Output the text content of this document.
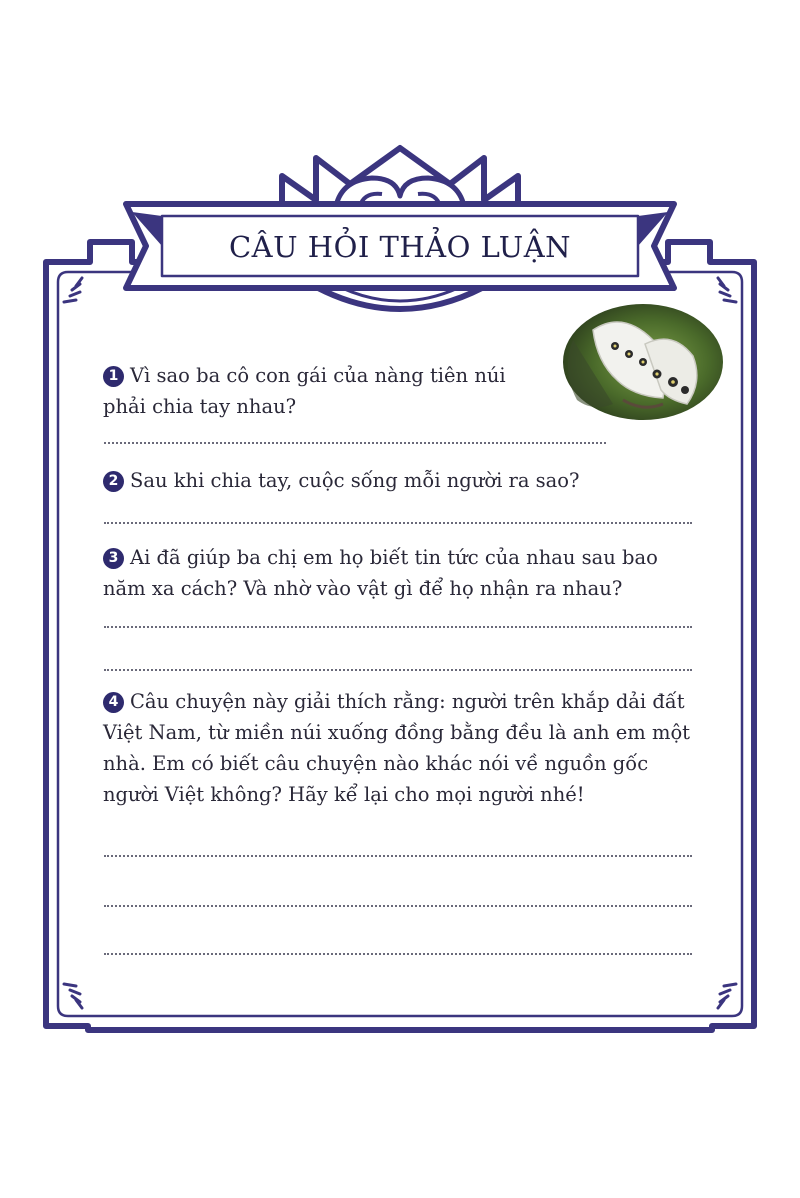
CÂU HỎI THẢO LUẬN
1 Vì sao ba cô con gái của nàng tiên núi phải chia tay nhau?
2 Sau khi chia tay, cuộc sống mỗi người ra sao?
3 Ai đã giúp ba chị em họ biết tin tức của nhau sau bao năm xa cách? Và nhờ vào vật gì để họ nhận ra nhau?
4 Câu chuyện này giải thích rằng: người trên khắp dải đất Việt Nam, từ miền núi xuống đồng bằng đều là anh em một nhà. Em có biết câu chuyện nào khác nói về nguồn gốc người Việt không? Hãy kể lại cho mọi người nhé!
